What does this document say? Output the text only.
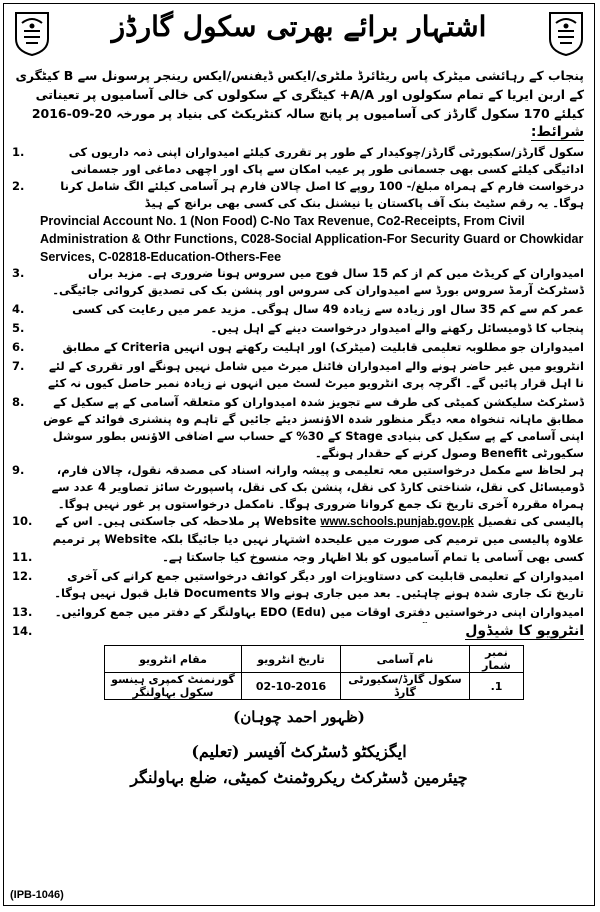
اشتہار برائے بھرتی سکول گارڈز
پنجاب کے رہائشی میٹرک پاس ریٹائرڈ ملٹری/ایکس ڈیفنس/ایکس رینجر پرسونل سے B کیٹگری کے اربن ایریا کے تمام سکولوں اور A/A+ کیٹگری کے سکولوں کی خالی آسامیوں پر تعیناتی کیلئے 170 سکول گارڈز کی آسامیوں پر پانچ سالہ کنٹریکٹ کی بنیاد پر مورخہ 20-09-2016
شرائط:
1.	سکول گارڈز/سکیورٹی گارڈز/چوکیدار کے طور پر تقرری کیلئے امیدواران اپنی ذمہ داریوں کی ادائیگی کیلئے کسی بھی جسمانی طور پر عیب امکان سے پاک اور اچھی دماغی اور جسمانی
2.	درخواست فارم کے ہمراہ مبلغ/- 100 روپے کا اصل چالان فارم ہر آسامی کیلئے الگ شامل کرنا ہوگا۔ یہ رقم سٹیٹ بنک آف پاکستان یا نیشنل بنک کی کسی بھی برانچ کے ہیڈ
Provincial Account No. 1 (Non Food) C-No Tax Revenue, Co2-Receipts, From Civil Administration & Othr Functions, C028-Social Application-For Security Guard or Chowkidar Services, C-02818-Education-Others-Fee
3.	امیدواران کے کریڈٹ میں کم از کم 15 سال فوج میں سروس ہونا ضروری ہے۔ مزید براں ڈسٹرکٹ آرمڈ سروس بورڈ سے امیدواران کی سروس اور پنشن بک کی تصدیق کروائی جائیگی۔
4.	عمر کم سے کم 35 سال اور زیادہ سے زیادہ 49 سال ہوگی۔ مزید عمر میں رعایت کی کسی
5.	پنجاب کا ڈومیسائل رکھنے والے امیدوار درخواست دینے کے اہل ہیں۔
6.	امیدواران جو مطلوبہ تعلیمی قابلیت (میٹرک) اور اہلیت رکھتے ہوں انہیں Criteria کے مطابق
7.	انٹرویو میں غیر حاضر ہونے والے امیدواران فائنل میرٹ میں شامل نہیں ہونگے اور تقرری کے لئے نا اہل قرار پائیں گے۔ اگرچہ پری انٹرویو میرٹ لسٹ میں انہوں نے زیادہ نمبر حاصل کیوں نہ کئے
8.	ڈسٹرکٹ سلیکشن کمیٹی کی طرف سے تجویز شدہ امیدواران کو متعلقہ آسامی کے پے سکیل کے مطابق ماہانہ تنخواہ معہ دیگر منظور شدہ الاؤنسز دیئے جائیں گے تاہم وہ پنشنری فوائد کے عوض اپنی آسامی کے پے سکیل کی بنیادی Stage کے 30% کے حساب سے اضافی الاؤنس بطور سوشل سکیورٹی Benefit وصول کرنے کے حقدار ہونگے۔
9.	ہر لحاظ سے مکمل درخواستیں معہ تعلیمی و پیشہ وارانہ اسناد کی مصدقہ نقول، چالان فارم، ڈومیسائل کی نقل، شناختی کارڈ کی نقل، پنشن بک کی نقل، پاسپورٹ سائز تصاویر 4 عدد سے ہمراہ مقررہ آخری تاریخ تک جمع کروانا ضروری ہوگا۔ نامکمل درخواستوں پر غور نہیں ہوگا۔
10.	پالیسی کی تفصیل Website www.schools.punjab.gov.pk پر ملاحظہ کی جاسکتی ہیں۔ اس کے علاوہ پالیسی میں ترمیم کی صورت میں علیحدہ اشتہار نہیں دیا جائیگا بلکہ Website پر ترمیم
11.	کسی بھی آسامی یا تمام آسامیوں کو بلا اظہار وجہ منسوخ کیا جاسکتا ہے۔
12.	امیدواران کے تعلیمی قابلیت کی دستاویزات اور دیگر کوائف درخواستیں جمع کرانے کی آخری تاریخ تک جاری شدہ ہونے چاہئیں۔ بعد میں جاری ہونے والا Documents قابل قبول نہیں ہوگا۔
13.	امیدواران اپنی درخواستیں دفتری اوقات میں EDO (Edu) بہاولنگر کے دفتر میں جمع کروائیں۔
14.	انٹرویو کا شیڈول
نمبر شمار	نام آسامی	تاریخ انٹرویو	مقام انٹرویو
1.	سکول گارڈ/سکیورٹی گارڈ	02-10-2016	گورنمنٹ کمپری ہینسو سکول بہاولنگر
(ظہور احمد چوہان)
ایگزیکٹو ڈسٹرکٹ آفیسر (تعلیم)
چیئرمین ڈسٹرکٹ ریکروٹمنٹ کمیٹی، ضلع بہاولنگر
(IPB-1046)
